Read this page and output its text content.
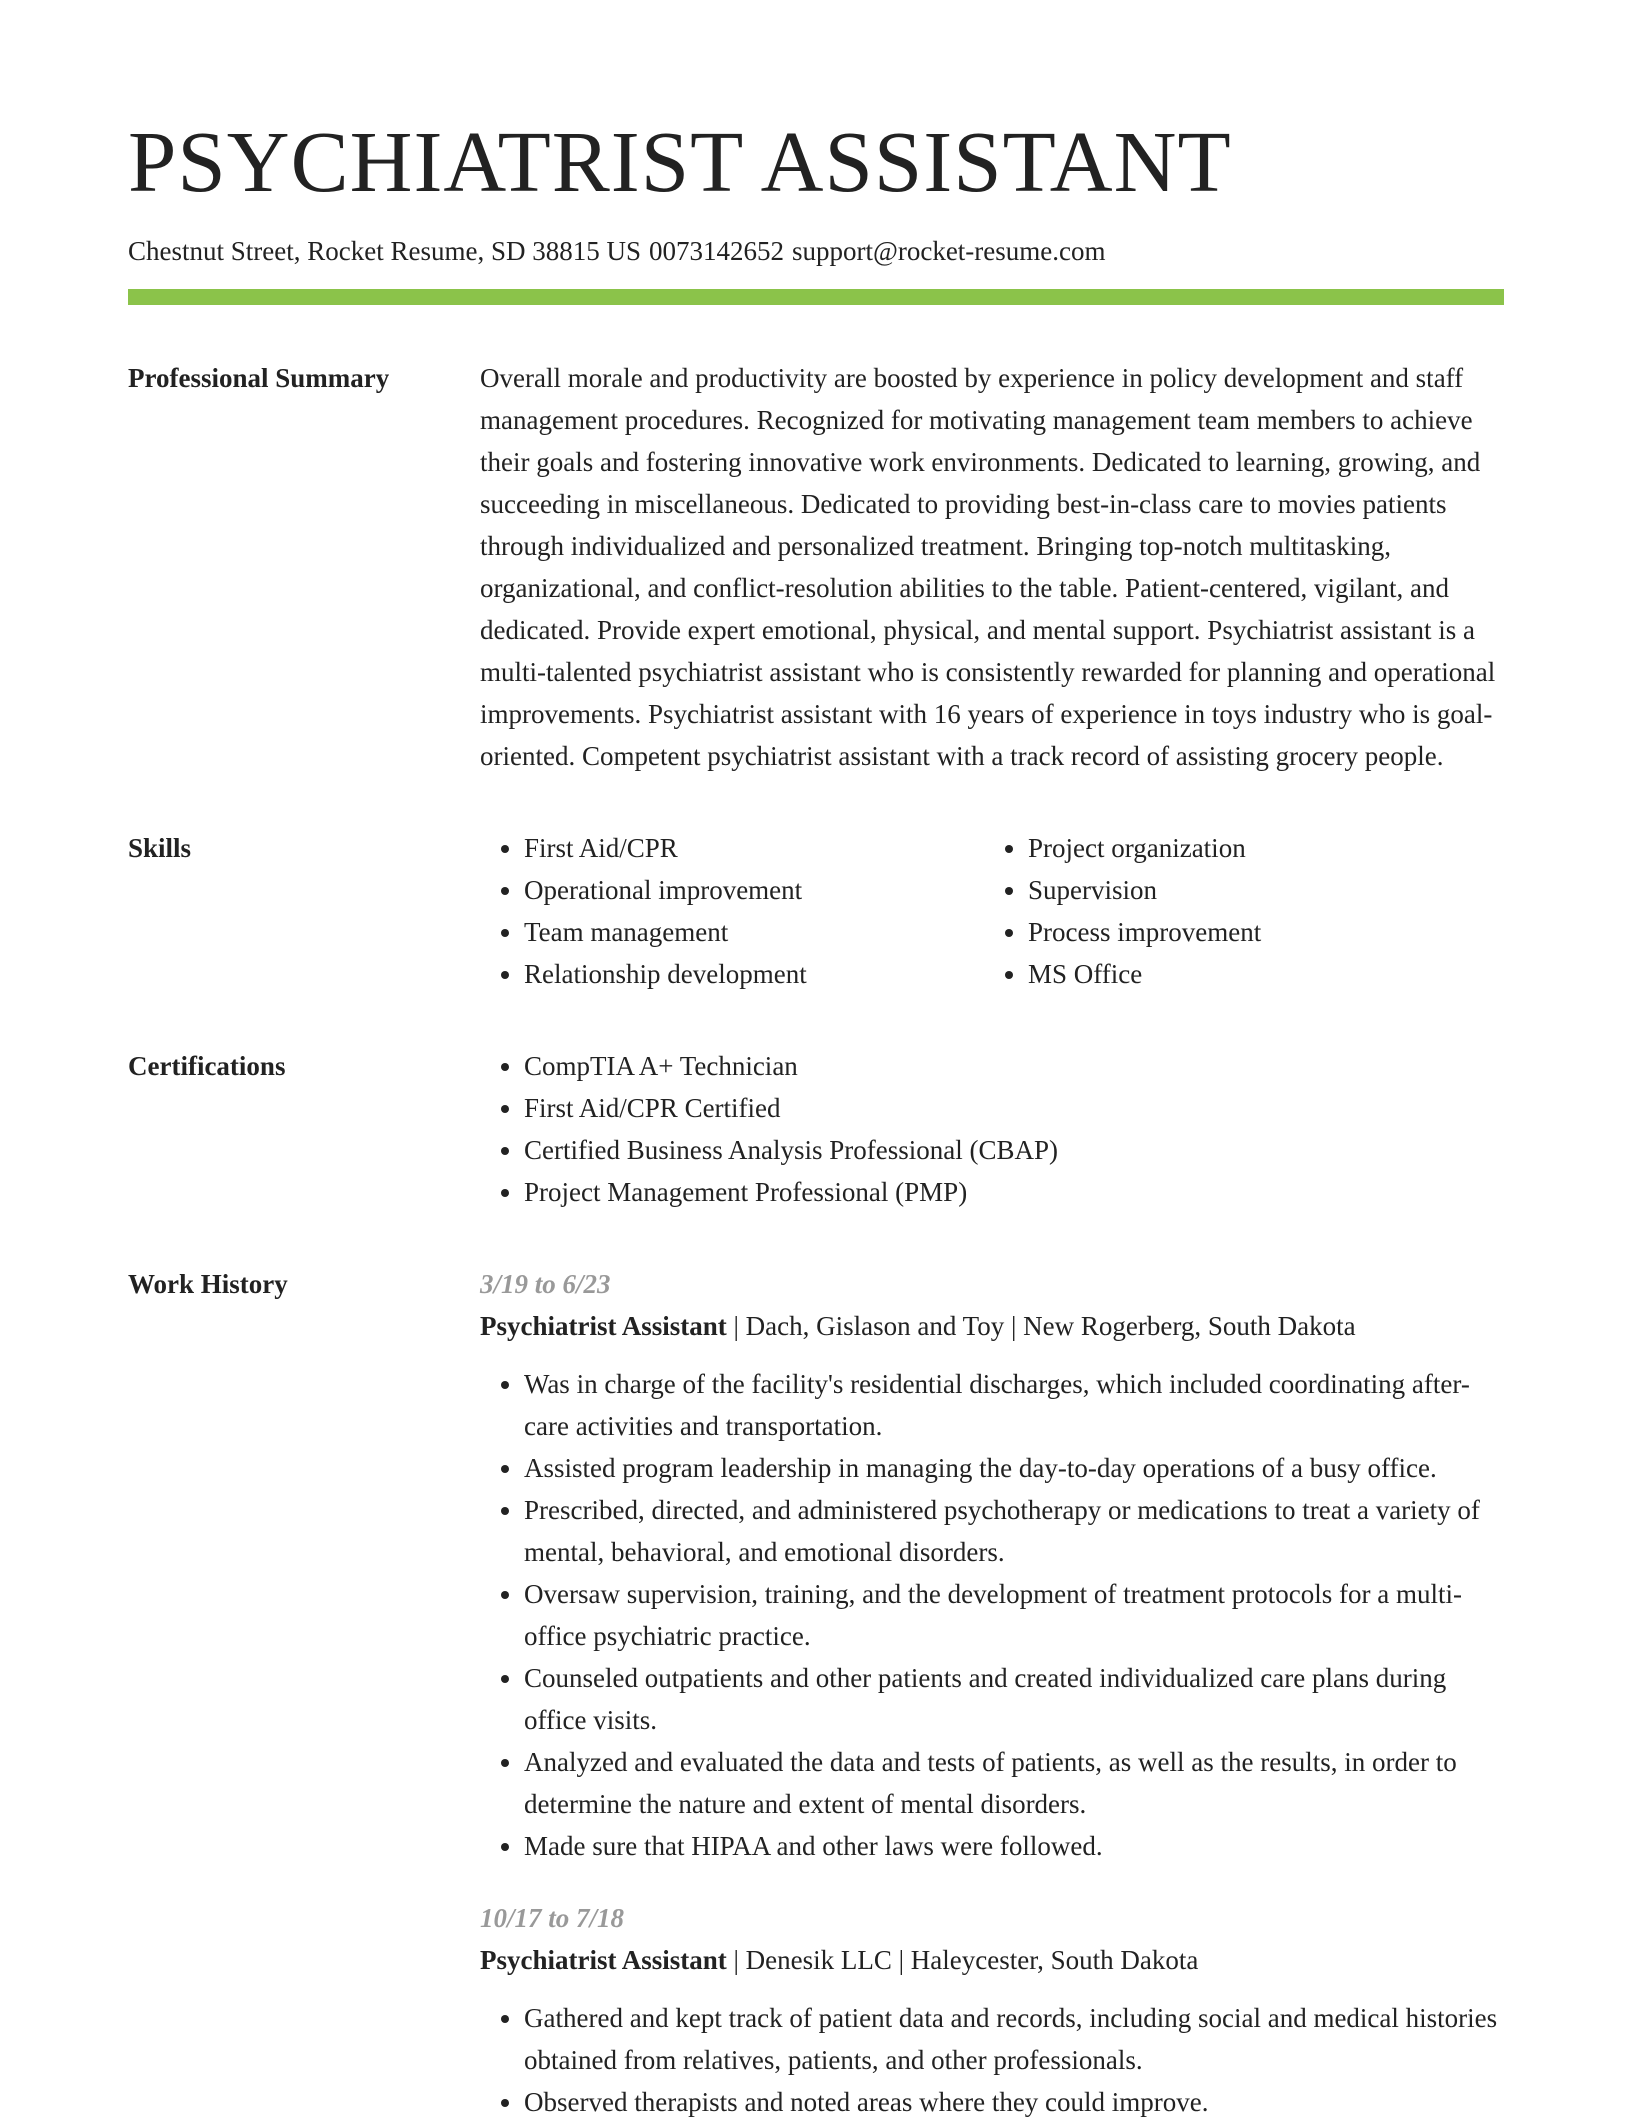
PSYCHIATRIST ASSISTANT
Chestnut Street, Rocket Resume, SD 38815 US 0073142652 support@rocket-resume.com
Professional Summary	Overall morale and productivity are boosted by experience in policy development and staff management procedures. Recognized for motivating management team members to achieve their goals and fostering innovative work environments. Dedicated to learning, growing, and succeeding in miscellaneous. Dedicated to providing best-in-class care to movies patients through individualized and personalized treatment. Bringing top-notch multitasking, organizational, and conflict-resolution abilities to the table. Patient-centered, vigilant, and dedicated. Provide expert emotional, physical, and mental support. Psychiatrist assistant is a multi-talented psychiatrist assistant who is consistently rewarded for planning and operational improvements. Psychiatrist assistant with 16 years of experience in toys industry who is goal-oriented. Competent psychiatrist assistant with a track record of assisting grocery people.

Skills	• First Aid/CPR
• Operational improvement
• Team management
• Relationship development
• Project organization
• Supervision
• Process improvement
• MS Office
Certifications	• CompTIA A+ Technician
• First Aid/CPR Certified
• Certified Business Analysis Professional (CBAP)
• Project Management Professional (PMP)
Work History	3/19 to 6/23
Psychiatrist Assistant | Dach, Gislason and Toy | New Rogerberg, South Dakota
• Was in charge of the facility's residential discharges, which included coordinating after-care activities and transportation.
• Assisted program leadership in managing the day-to-day operations of a busy office.
• Prescribed, directed, and administered psychotherapy or medications to treat a variety of mental, behavioral, and emotional disorders.
• Oversaw supervision, training, and the development of treatment protocols for a multi-office psychiatric practice.
• Counseled outpatients and other patients and created individualized care plans during office visits.
• Analyzed and evaluated the data and tests of patients, as well as the results, in order to determine the nature and extent of mental disorders.
• Made sure that HIPAA and other laws were followed.
10/17 to 7/18
Psychiatrist Assistant | Denesik LLC | Haleycester, South Dakota
• Gathered and kept track of patient data and records, including social and medical histories obtained from relatives, patients, and other professionals.
• Observed therapists and noted areas where they could improve.
